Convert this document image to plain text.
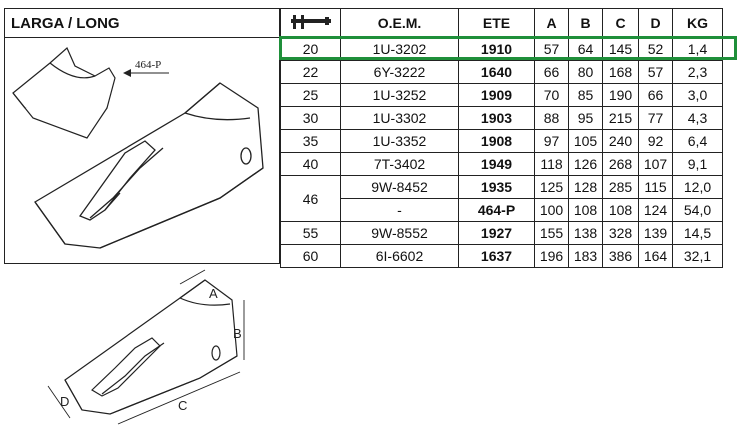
LARGA / LONG
464-P
	O.E.M.	ETE	A	B	C	D	KG
20	1U-3202	1910	57	64	145	52	1,4
22	6Y-3222	1640	66	80	168	57	2,3
25	1U-3252	1909	70	85	190	66	3,0
30	1U-3302	1903	88	95	215	77	4,3
35	1U-3352	1908	97	105	240	92	6,4
40	7T-3402	1949	118	126	268	107	9,1
46	9W-8452	1935	125	128	285	115	12,0
	-	464-P	100	108	108	124	54,0
55	9W-8552	1927	155	138	328	139	14,5
60	6I-6602	1637	196	183	386	164	32,1
A
B
C
D
